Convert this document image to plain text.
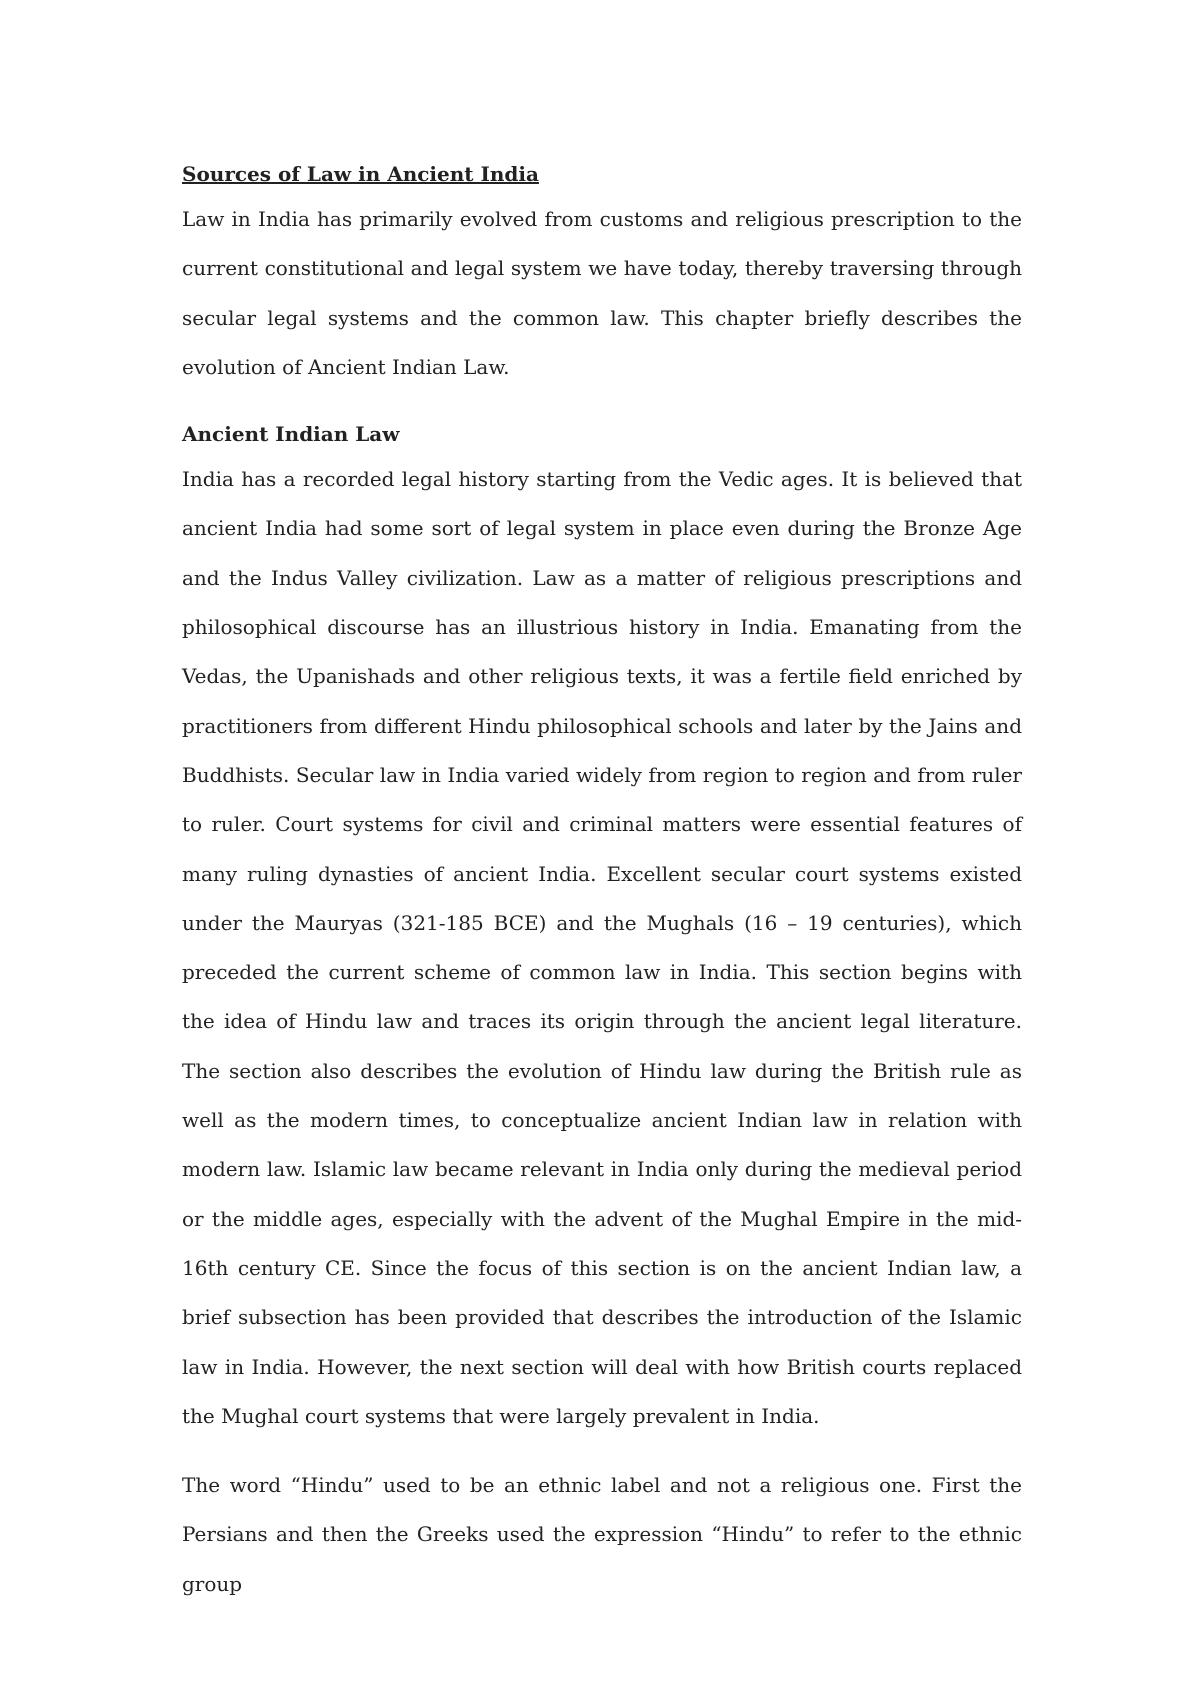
Sources of Law in Ancient India

Law in India has primarily evolved from customs and religious prescription to the current constitutional and legal system we have today, thereby traversing through secular legal systems and the common law. This chapter briefly describes the evolution of Ancient Indian Law.

Ancient Indian Law

India has a recorded legal history starting from the Vedic ages. It is believed that ancient India had some sort of legal system in place even during the Bronze Age and the Indus Valley civilization. Law as a matter of religious prescriptions and philosophical discourse has an illustrious history in India. Emanating from the Vedas, the Upanishads and other religious texts, it was a fertile field enriched by practitioners from different Hindu philosophical schools and later by the Jains and Buddhists. Secular law in India varied widely from region to region and from ruler to ruler. Court systems for civil and criminal matters were essential features of many ruling dynasties of ancient India. Excellent secular court systems existed under the Mauryas (321-185 BCE) and the Mughals (16 – 19 centuries), which preceded the current scheme of common law in India. This section begins with the idea of Hindu law and traces its origin through the ancient legal literature. The section also describes the evolution of Hindu law during the British rule as well as the modern times, to conceptualize ancient Indian law in relation with modern law. Islamic law became relevant in India only during the medieval period or the middle ages, especially with the advent of the Mughal Empire in the mid-16th century CE. Since the focus of this section is on the ancient Indian law, a brief subsection has been provided that describes the introduction of the Islamic law in India. However, the next section will deal with how British courts replaced the Mughal court systems that were largely prevalent in India.

The word “Hindu” used to be an ethnic label and not a religious one. First the Persians and then the Greeks used the expression “Hindu” to refer to the ethnic group
